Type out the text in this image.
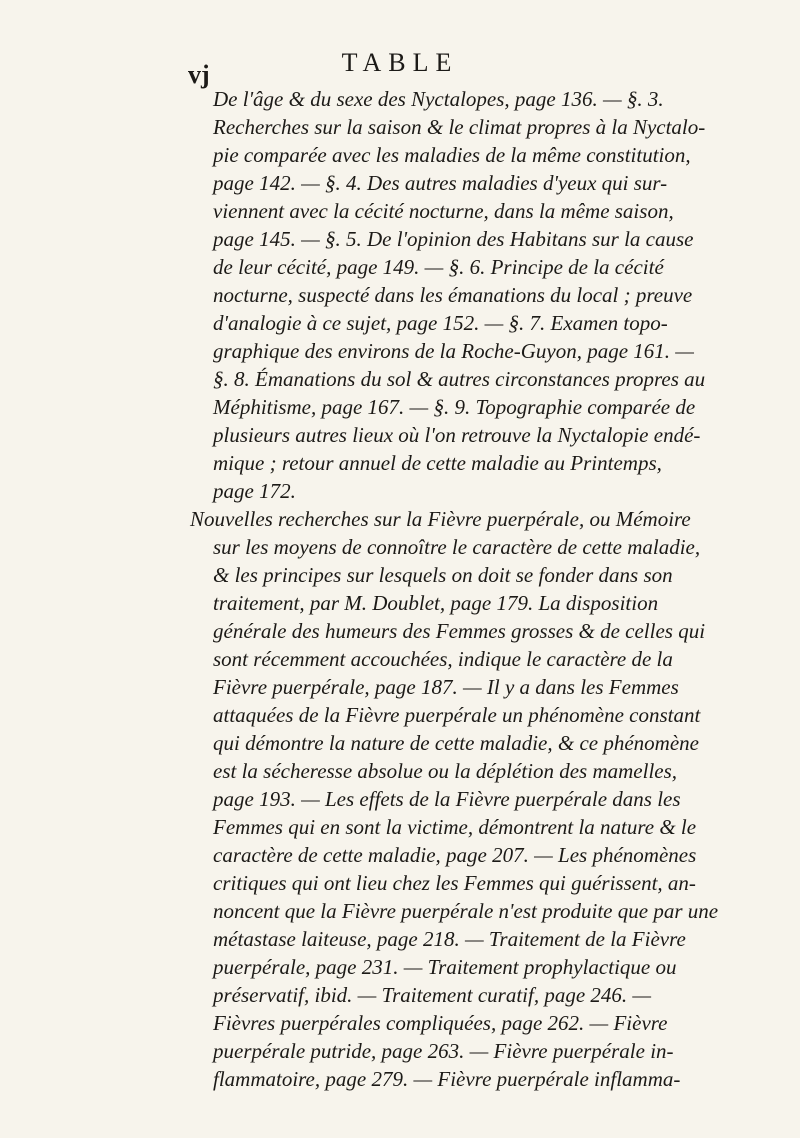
vj	TABLE
De l'âge & du sexe des Nyctalopes, page 136. — §. 3.
Recherches sur la saison & le climat propres à la Nyctalo-
pie comparée avec les maladies de la même constitution,
page 142. — §. 4. Des autres maladies d'yeux qui sur-
viennent avec la cécité nocturne, dans la même saison,
page 145. — §. 5. De l'opinion des Habitans sur la cause
de leur cécité, page 149. — §. 6. Principe de la cécité
nocturne, suspecté dans les émanations du local ; preuve
d'analogie à ce sujet, page 152. — §. 7. Examen topo-
graphique des environs de la Roche-Guyon, page 161. —
§. 8. Émanations du sol & autres circonstances propres au
Méphitisme, page 167. — §. 9. Topographie comparée de
plusieurs autres lieux où l'on retrouve la Nyctalopie endé-
mique ; retour annuel de cette maladie au Printemps,
page 172.
Nouvelles recherches sur la Fièvre puerpérale, ou Mémoire
sur les moyens de connoître le caractère de cette maladie,
& les principes sur lesquels on doit se fonder dans son
traitement, par M. Doublet, page 179. La disposition
générale des humeurs des Femmes grosses & de celles qui
sont récemment accouchées, indique le caractère de la
Fièvre puerpérale, page 187. — Il y a dans les Femmes
attaquées de la Fièvre puerpérale un phénomène constant
qui démontre la nature de cette maladie, & ce phénomène
est la sécheresse absolue ou la déplétion des mamelles,
page 193. — Les effets de la Fièvre puerpérale dans les
Femmes qui en sont la victime, démontrent la nature & le
caractère de cette maladie, page 207. — Les phénomènes
critiques qui ont lieu chez les Femmes qui guérissent, an-
noncent que la Fièvre puerpérale n'est produite que par une
métastase laiteuse, page 218. — Traitement de la Fièvre
puerpérale, page 231. — Traitement prophylactique ou
préservatif, ibid. — Traitement curatif, page 246. —
Fièvres puerpérales compliquées, page 262. — Fièvre
puerpérale putride, page 263. — Fièvre puerpérale in-
flammatoire, page 279. — Fièvre puerpérale inflamma-
